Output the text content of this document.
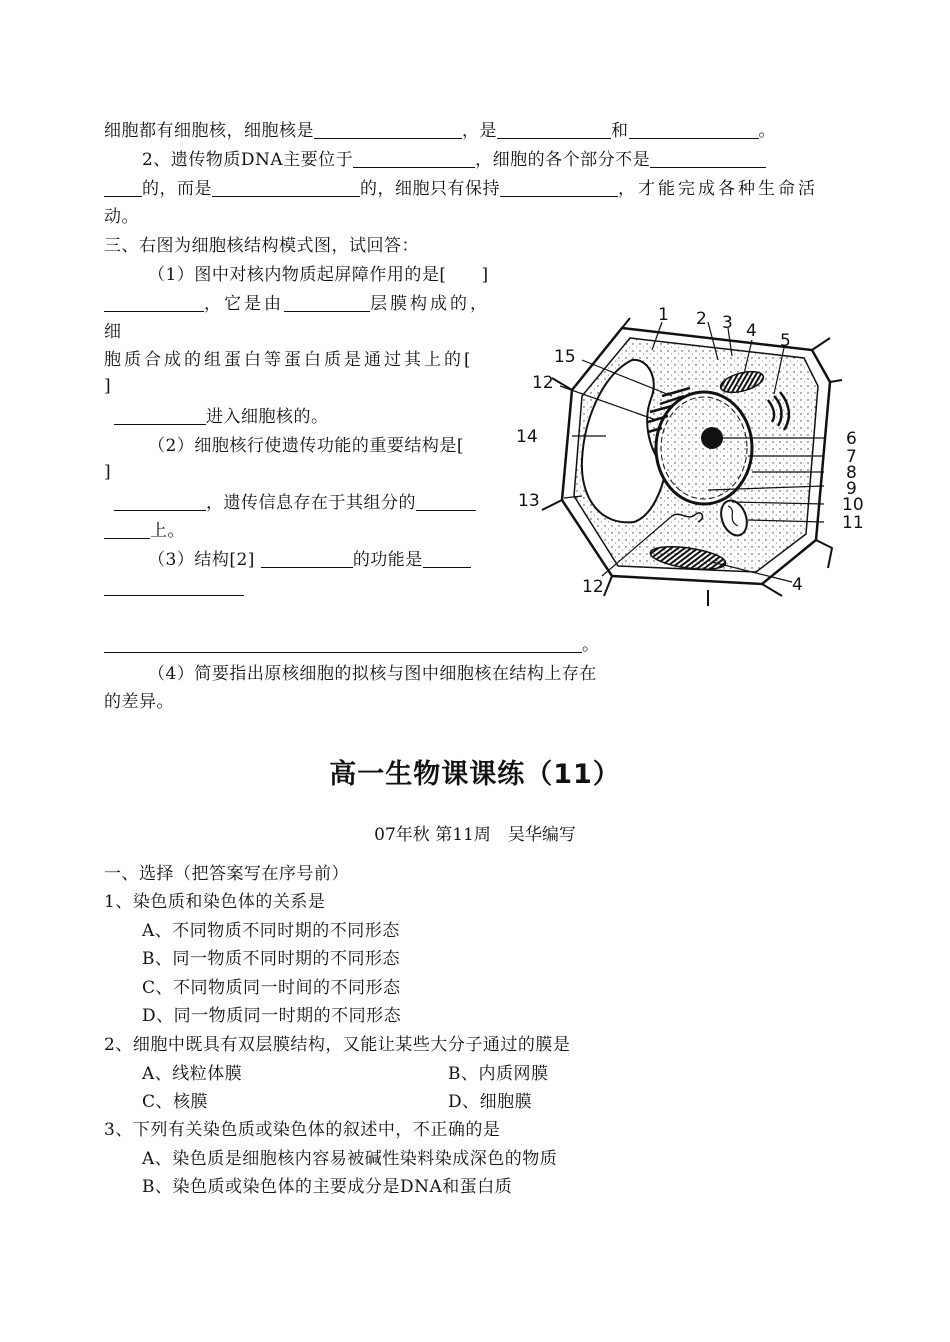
细胞都有细胞核，细胞核是	，是	和	。
2、遗传物质DNA主要位于	，细胞的各个部分不是
的，而是	的，细胞只有保持	，才能完成各种生命活
动。
三、右图为细胞核结构模式图，试回答：
（1）图中对核内物质起屏障作用的是[　　]
，它是由	层膜构成的，
细
胞质合成的组蛋白等蛋白质是通过其上的[
]
进入细胞核的。
（2）细胞核行使遗传功能的重要结构是[
]
，遗传信息存在于其组分的
上。
（3）结构[2]	的功能是
。
（4）简要指出原核细胞的拟核与图中细胞核在结构上存在
的差异。
1 2 3 4 5
15
12
14	6
7
8
9
10
13
11
12	4
高一生物课课练（11）
07年秋 第11周　吴华编写
一、选择（把答案写在序号前）
1、染色质和染色体的关系是
A、不同物质不同时期的不同形态
B、同一物质不同时期的不同形态
C、不同物质同一时间的不同形态
D、同一物质同一时期的不同形态
2、细胞中既具有双层膜结构，又能让某些大分子通过的膜是
A、线粒体膜	B、内质网膜
C、核膜	D、细胞膜
3、下列有关染色质或染色体的叙述中，不正确的是
A、染色质是细胞核内容易被碱性染料染成深色的物质
B、染色质或染色体的主要成分是DNA和蛋白质
